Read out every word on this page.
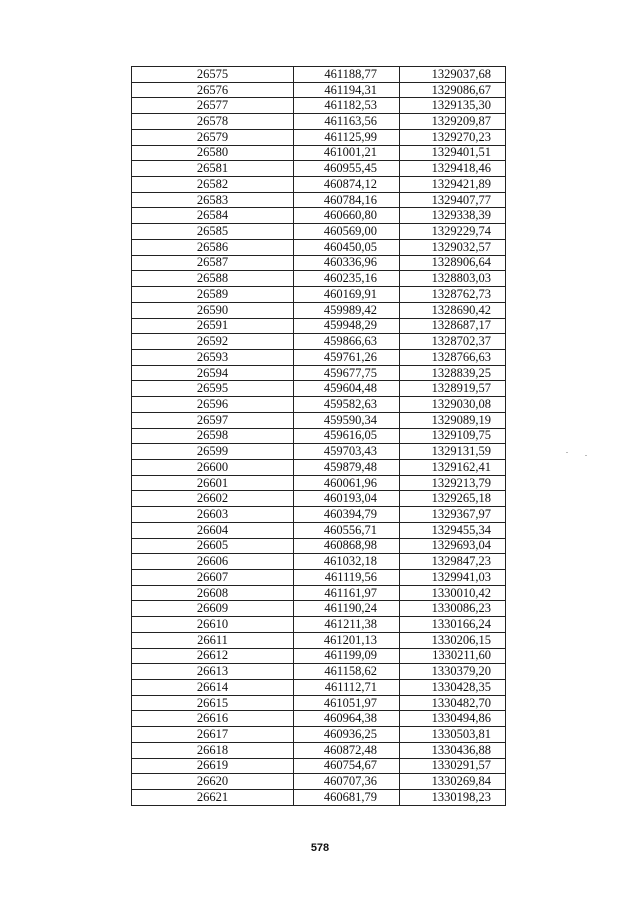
26575	461188,77	1329037,68
26576	461194,31	1329086,67
26577	461182,53	1329135,30
26578	461163,56	1329209,87
26579	461125,99	1329270,23
26580	461001,21	1329401,51
26581	460955,45	1329418,46
26582	460874,12	1329421,89
26583	460784,16	1329407,77
26584	460660,80	1329338,39
26585	460569,00	1329229,74
26586	460450,05	1329032,57
26587	460336,96	1328906,64
26588	460235,16	1328803,03
26589	460169,91	1328762,73
26590	459989,42	1328690,42
26591	459948,29	1328687,17
26592	459866,63	1328702,37
26593	459761,26	1328766,63
26594	459677,75	1328839,25
26595	459604,48	1328919,57
26596	459582,63	1329030,08
26597	459590,34	1329089,19
26598	459616,05	1329109,75
26599	459703,43	1329131,59
26600	459879,48	1329162,41
26601	460061,96	1329213,79
26602	460193,04	1329265,18
26603	460394,79	1329367,97
26604	460556,71	1329455,34
26605	460868,98	1329693,04
26606	461032,18	1329847,23
26607	461119,56	1329941,03
26608	461161,97	1330010,42
26609	461190,24	1330086,23
26610	461211,38	1330166,24
26611	461201,13	1330206,15
26612	461199,09	1330211,60
26613	461158,62	1330379,20
26614	461112,71	1330428,35
26615	461051,97	1330482,70
26616	460964,38	1330494,86
26617	460936,25	1330503,81
26618	460872,48	1330436,88
26619	460754,67	1330291,57
26620	460707,36	1330269,84
26621	460681,79	1330198,23
578
